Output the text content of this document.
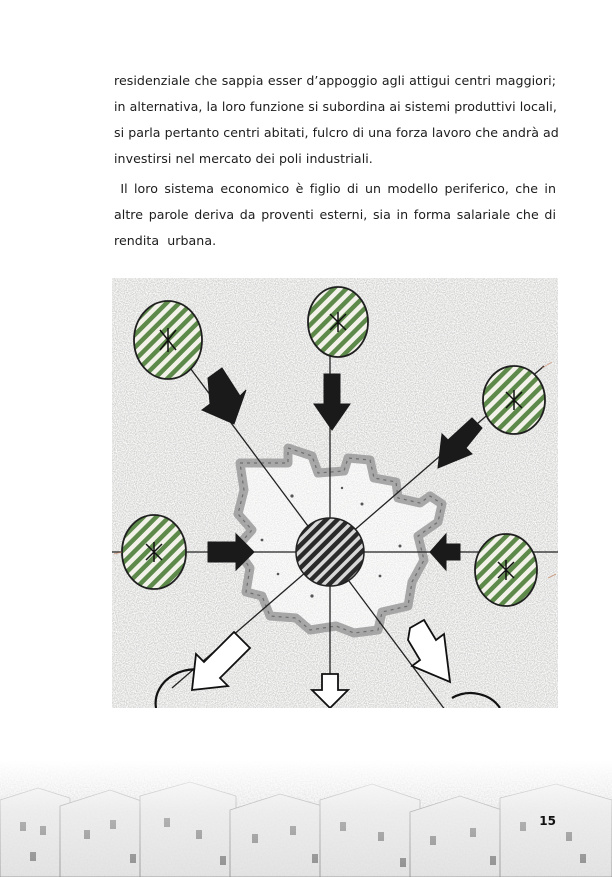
residenziale che sappia esser d’appoggio agli attigui centri maggiori;
in alternativa, la loro funzione si subordina ai sistemi produttivi locali,
si parla pertanto centri abitati, fulcro di una forza lavoro che andrà ad
investirsi nel mercato dei poli industriali.
Il loro sistema economico è figlio di un modello periferico, che in
altre parole deriva da proventi esterni, sia in forma salariale che di
rendita  urbana.
15
